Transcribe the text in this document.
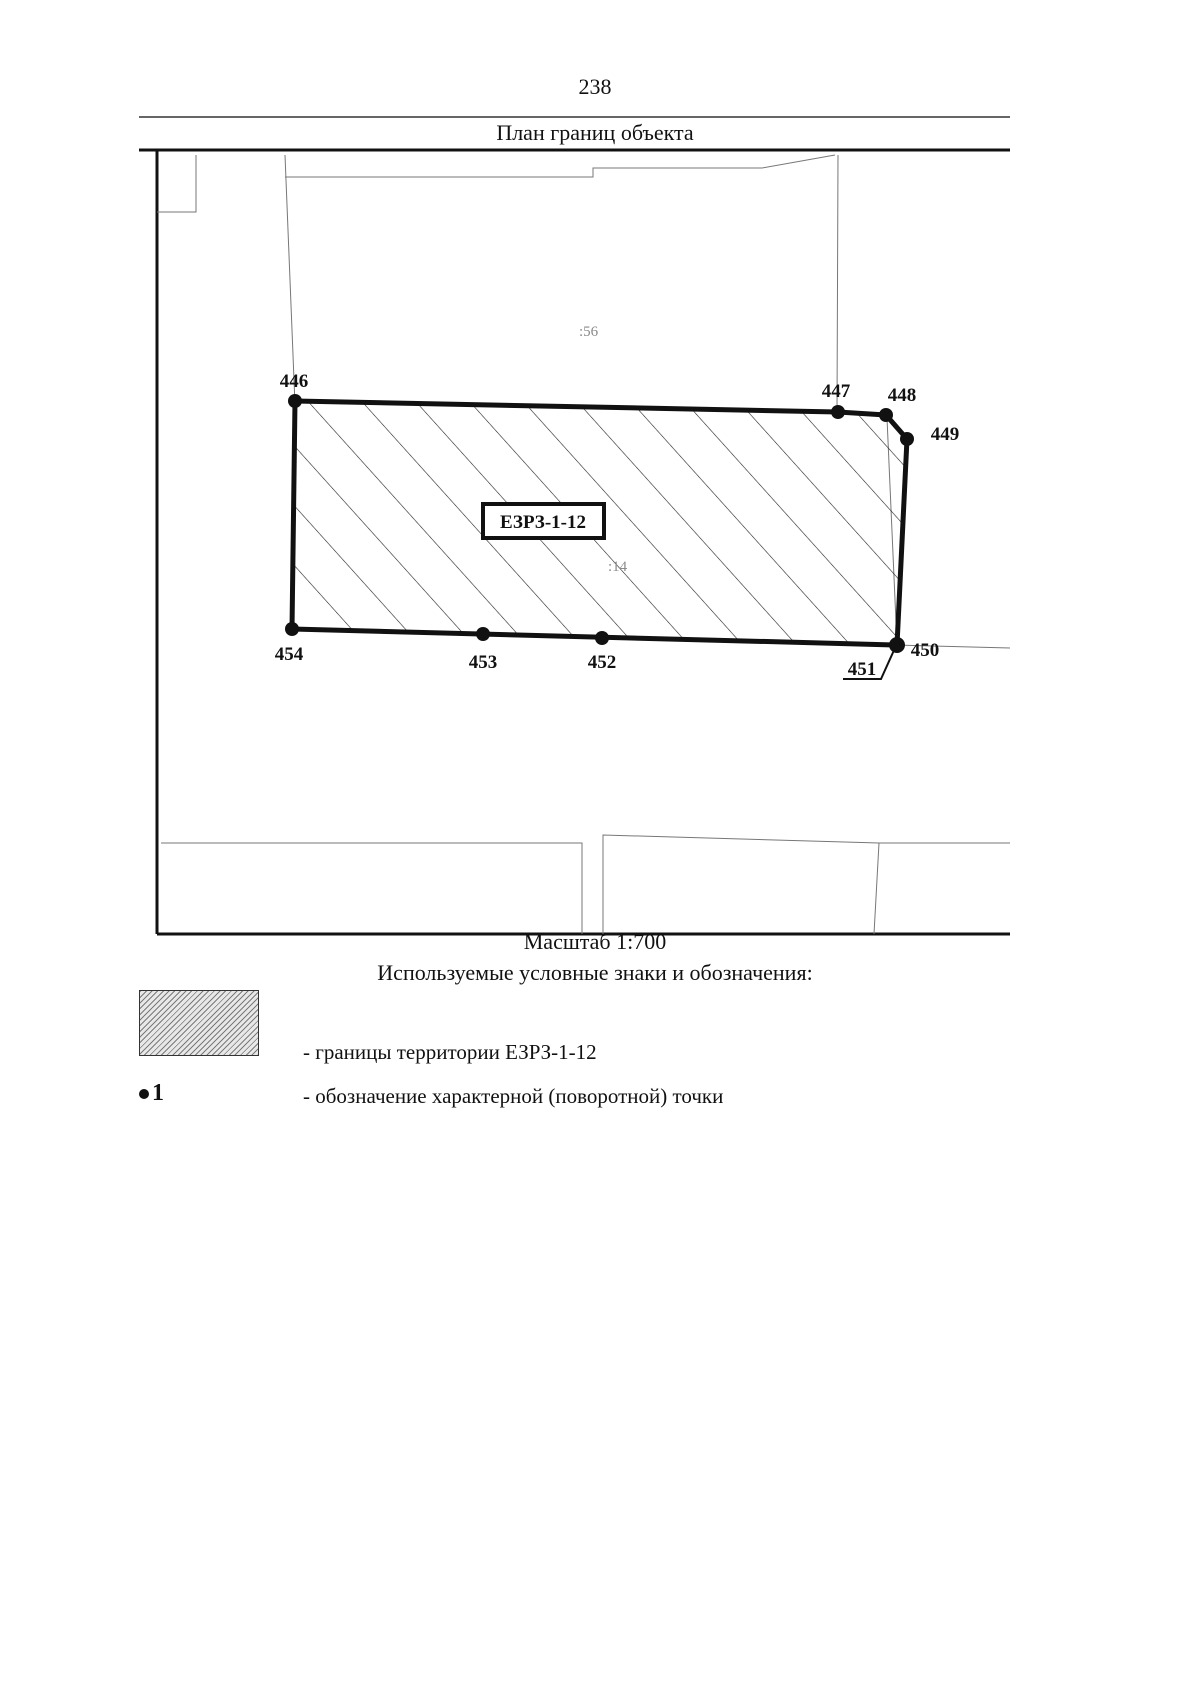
238
План границ объекта
:56
:14
ЕЗРЗ-1-12
446	447 448
449
450
451
452
453
454
Масштаб 1:700
Используемые условные знаки и обозначения:
- границы территории ЕЗРЗ-1-12
1	- обозначение характерной (поворотной) точки
